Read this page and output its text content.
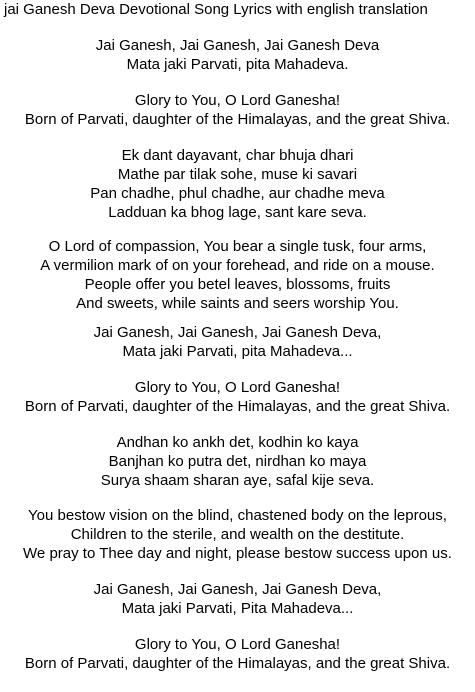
jai Ganesh Deva Devotional Song Lyrics with english translation
Jai Ganesh, Jai Ganesh, Jai Ganesh Deva
Mata jaki Parvati, pita Mahadeva.
Glory to You, O Lord Ganesha!
Born of Parvati, daughter of the Himalayas, and the great Shiva.
Ek dant dayavant, char bhuja dhari
Mathe par tilak sohe, muse ki savari
Pan chadhe, phul chadhe, aur chadhe meva
Ladduan ka bhog lage, sant kare seva.
O Lord of compassion, You bear a single tusk, four arms,
A vermilion mark of on your forehead, and ride on a mouse.
People offer you betel leaves, blossoms, fruits
And sweets, while saints and seers worship You.
Jai Ganesh, Jai Ganesh, Jai Ganesh Deva,
Mata jaki Parvati, pita Mahadeva...
Glory to You, O Lord Ganesha!
Born of Parvati, daughter of the Himalayas, and the great Shiva.
Andhan ko ankh det, kodhin ko kaya
Banjhan ko putra det, nirdhan ko maya
Surya shaam sharan aye, safal kije seva.
You bestow vision on the blind, chastened body on the leprous,
Children to the sterile, and wealth on the destitute.
We pray to Thee day and night, please bestow success upon us.
Jai Ganesh, Jai Ganesh, Jai Ganesh Deva,
Mata jaki Parvati, Pita Mahadeva...
Glory to You, O Lord Ganesha!
Born of Parvati, daughter of the Himalayas, and the great Shiva.
